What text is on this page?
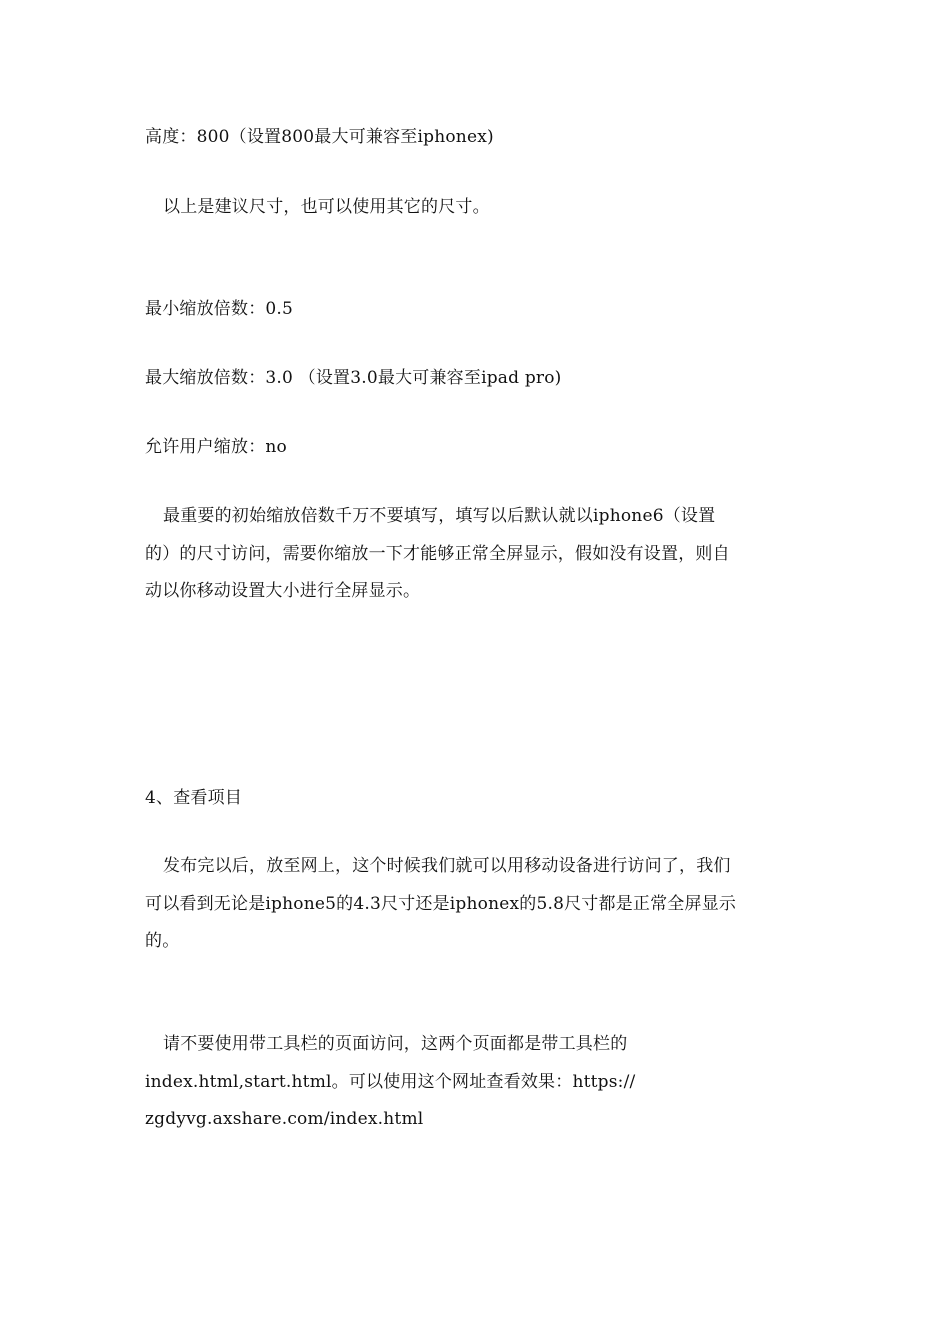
高度：800（设置800最大可兼容至iphonex)
以上是建议尺寸，也可以使用其它的尺寸。
最小缩放倍数：0.5
最大缩放倍数：3.0 （设置3.0最大可兼容至ipad pro)
允许用户缩放：no
最重要的初始缩放倍数千万不要填写，填写以后默认就以iphone6（设置
的）的尺寸访问，需要你缩放一下才能够正常全屏显示，假如没有设置，则自
动以你移动设置大小进行全屏显示。
4、查看项目
发布完以后，放至网上，这个时候我们就可以用移动设备进行访问了，我们
可以看到无论是iphone5的4.3尺寸还是iphonex的5.8尺寸都是正常全屏显示
的。
请不要使用带工具栏的页面访问，这两个页面都是带工具栏的
index.html,start.html。可以使用这个网址查看效果：https://
zgdyvg.axshare.com/index.html
